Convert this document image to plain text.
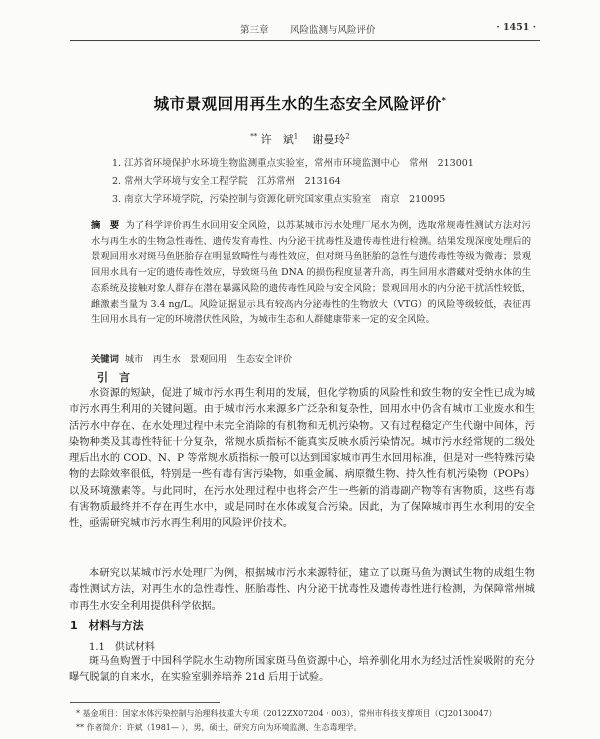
第三章 风险监测与风险评价	· 1451 ·
城市景观回用再生水的生态安全风险评价*
** 许　斌$^1$ 谢曼玲$^2$
1. 江苏省环境保护水环境生物监测重点实验室，常州市环境监测中心　常州　213001
2. 常州大学环境与安全工程学院　江苏常州　213164
3. 南京大学环境学院，污染控制与资源化研究国家重点实验室　南京　210095
摘　要 为了科学评价再生水回用安全风险，以苏某城市污水处理厂尾水为例，选取常规毒性测试方法对污水与再生水的生物急性毒性、遗传发育毒性、内分泌干扰毒性及遗传毒性进行检测。结果发现深度处理后的景观回用水对斑马鱼胚胎存在明显致畸性与毒性效应，但对斑马鱼胚胎的急性与遗传毒性等级为微毒；景观回用水具有一定的遗传毒性效应，导致斑马鱼 DNA 的损伤程度显著升高，再生回用水潜藏对受纳水体的生态系统及接触对象人群存在潜在暴露风险的遗传毒性风险与安全风险；景观回用水的内分泌干扰活性较低，雌激素当量为 3.4 ng/L。风险证据显示具有较高内分泌毒性的生物放大（VTG）的风险等级较低，表征再生回用水具有一定的环境潜伏性风险，为城市生态和人群健康带来一定的安全风险。
关键词 城市　再生水　景观回用　生态安全评价
引　言
水资源的短缺，促进了城市污水再生利用的发展，但化学物质的风险性和致生物的安全性已成为城市污水再生利用的关键问题。由于城市污水来源多广泛杂和复杂性，回用水中仍含有城市工业废水和生活污水中存在、在水处理过程中未完全消除的有机物和无机污染物。又有过程稳定产生代谢中间体，污染物种类及其毒性特征十分复杂，常规水质指标不能真实反映水质污染情况。城市污水经常规的二级处理后出水的 COD、N、P 等常规水质指标一般可以达到国家城市再生水回用标准，但是对一些特殊污染物的去除效率很低，特别是一些有毒有害污染物，如重金属、病原微生物、持久性有机污染物（POPs）以及环境激素等。与此同时，在污水处理过程中也将会产生一些新的消毒副产物等有害物质，这些有毒有害物质最终并不存在再生水中，或是同时在水体或复合污染。因此，为了保障城市再生水利用的安全性，亟需研究城市污水再生利用的风险评价技术。
本研究以某城市污水处理厂为例，根据城市污水来源特征，建立了以斑马鱼为测试生物的成组生物毒性测试方法，对再生水的急性毒性、胚胎毒性、内分泌干扰毒性及遗传毒性进行检测，为保障常州城市再生水安全利用提供科学依据。
1　材料与方法
1.1　供试材料
斑马鱼购置于中国科学院水生动物所国家斑马鱼资源中心，培养驯化用水为经过活性炭吸附的充分曝气脱氯的自来水，在实验室驯养培养 21d 后用于试验。
* 基金项目：国家水体污染控制与治理科技重大专项（2012ZX07204 · 003），常州市科技支撑项目（CJ20130047）
** 作者简介：许斌（1981— ），男，硕士，研究方向为环境监测、生态毒理学。
